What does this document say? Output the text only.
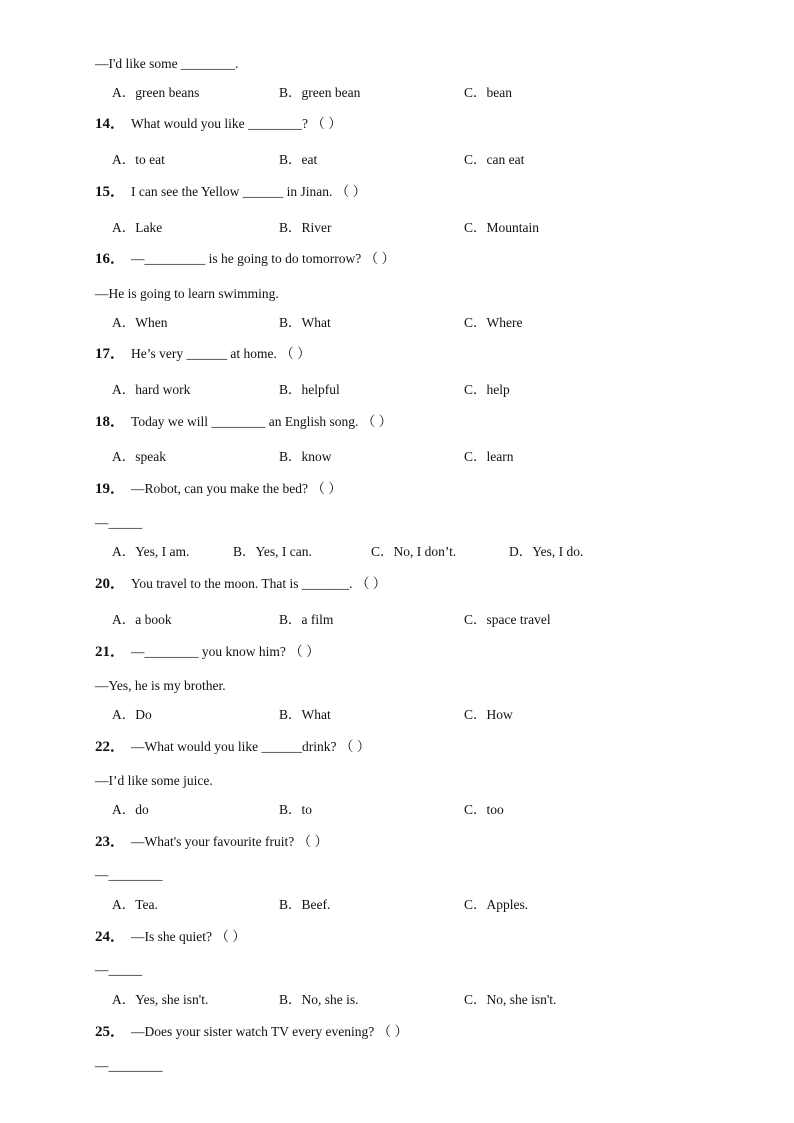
—I'd like some ________.
A．green beans	B．green bean	C．bean
14． What would you like ________? （ ）
A．to eat	B．eat	C．can eat
15． I can see the Yellow ______ in Jinan. （ ）
A．Lake	B．River	C．Mountain
16． —_________ is he going to do tomorrow? （ ）
—He is going to learn swimming.
A．When	B．What	C．Where
17． He’s very ______ at home. （ ）
A．hard work	B．helpful	C．help
18． Today we will ________ an English song. （ ）
A．speak	B．know	C．learn
19． —Robot, can you make the bed? （ ）
—_____
A．Yes, I am.	B．Yes, I can.	C．No, I don’t.	D．Yes, I do.
20． You travel to the moon. That is _______. （ ）
A．a book	B．a film	C．space travel
21． —________ you know him? （ ）
—Yes, he is my brother.
A．Do	B．What	C．How
22． —What would you like ______drink? （ ）
—I’d like some juice.
A．do	B．to	C．too
23． —What's your favourite fruit? （ ）
—________
A．Tea.	B．Beef.	C．Apples.
24． —Is she quiet? （ ）
—_____
A．Yes, she isn't.	B．No, she is.	C．No, she isn't.
25． —Does your sister watch TV every evening? （ ）
—________
